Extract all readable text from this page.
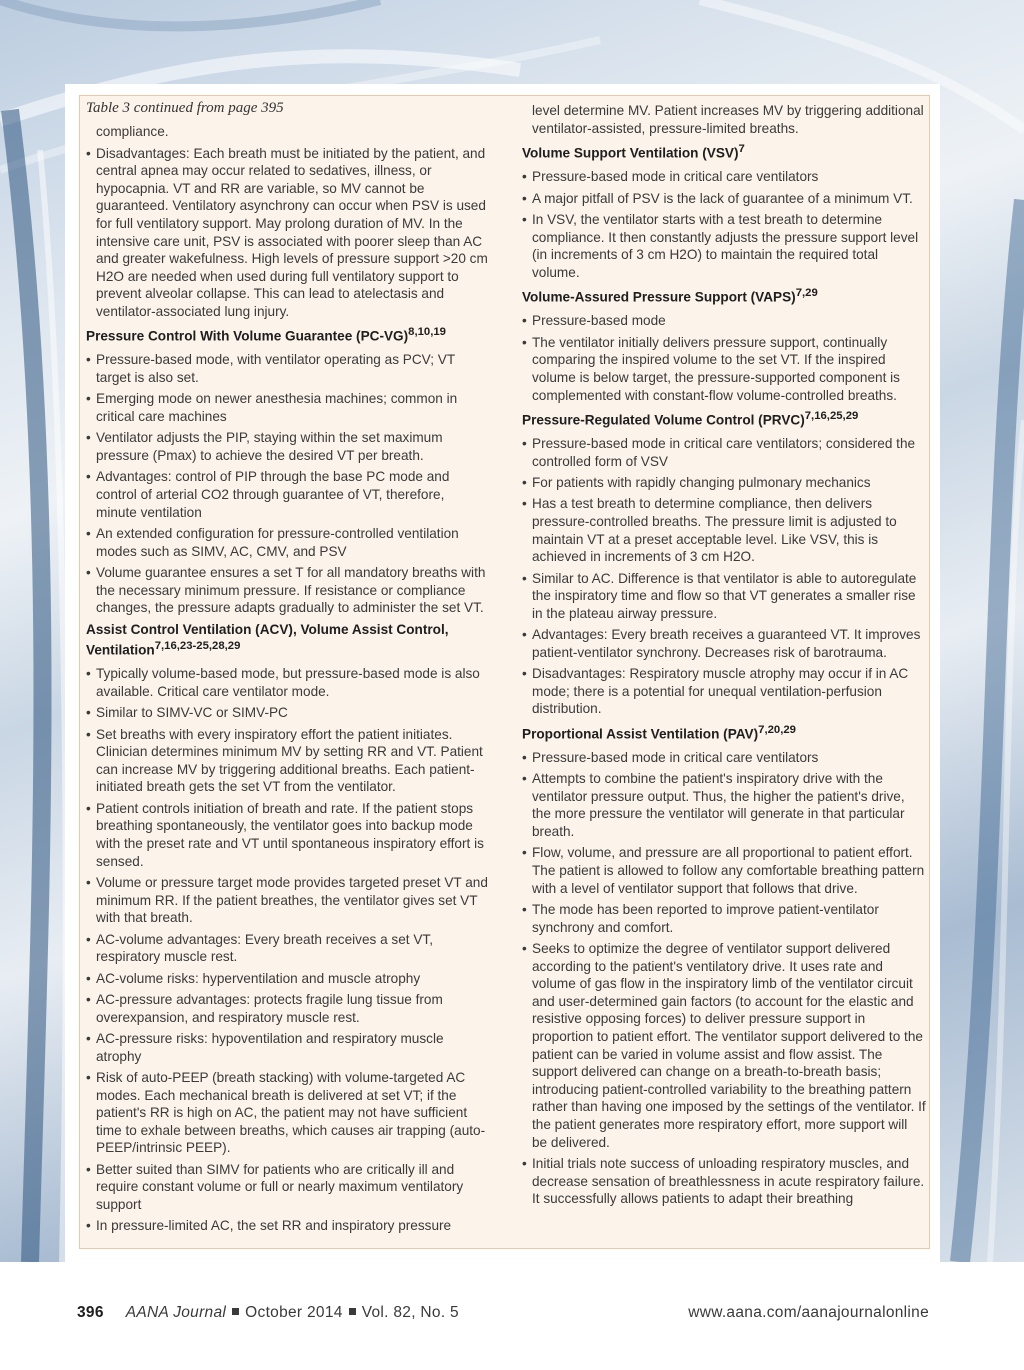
Table 3 continued from page 395
compliance.
• Disadvantages: Each breath must be initiated by the patient, and central apnea may occur related to sedatives, illness, or hypocapnia. VT and RR are variable, so MV cannot be guaranteed. Ventilatory asynchrony can occur when PSV is used for full ventilatory support. May prolong duration of MV. In the intensive care unit, PSV is associated with poorer sleep than AC and greater wakefulness. High levels of pressure support >20 cm H2O are needed when used during full ventilatory support to prevent alveolar collapse. This can lead to atelectasis and ventilator-associated lung injury.
Pressure Control With Volume Guarantee $(PC-VG)^{8,10,19}$
• Pressure-based mode, with ventilator operating as PCV; VT target is also set.
• Emerging mode on newer anesthesia machines; common in critical care machines
• Ventilator adjusts the PIP, staying within the set maximum pressure (Pmax) to achieve the desired VT per breath.
• Advantages: control of PIP through the base PC mode and control of arterial CO2 through guarantee of VT, therefore, minute ventilation
• An extended configuration for pressure-controlled ventilation modes such as SIMV, AC, CMV, and PSV
• Volume guarantee ensures a set T for all mandatory breaths with the necessary minimum pressure. If resistance or compliance changes, the pressure adapts gradually to administer the set VT.
Assist Control Ventilation (ACV), Volume Assist Control, Ventilation$^{7,16,23-25,28,29}$
• Typically volume-based mode, but pressure-based mode is also available. Critical care ventilator mode.
• Similar to SIMV-VC or SIMV-PC
• Set breaths with every inspiratory effort the patient initiates. Clinician determines minimum MV by setting RR and VT. Patient can increase MV by triggering additional breaths. Each patient-initiated breath gets the set VT from the ventilator.
• Patient controls initiation of breath and rate. If the patient stops breathing spontaneously, the ventilator goes into backup mode with the preset rate and VT until spontaneous inspiratory effort is sensed.
• Volume or pressure target mode provides targeted preset VT and minimum RR. If the patient breathes, the ventilator gives set VT with that breath.
• AC-volume advantages: Every breath receives a set VT, respiratory muscle rest.
• AC-volume risks: hyperventilation and muscle atrophy
• AC-pressure advantages: protects fragile lung tissue from overexpansion, and respiratory muscle rest.
• AC-pressure risks: hypoventilation and respiratory muscle atrophy
• Risk of auto-PEEP (breath stacking) with volume-targeted AC modes. Each mechanical breath is delivered at set VT; if the patient's RR is high on AC, the patient may not have sufficient time to exhale between breaths, which causes air trapping (auto-PEEP/intrinsic PEEP).
• Better suited than SIMV for patients who are critically ill and require constant volume or full or nearly maximum ventilatory support
• In pressure-limited AC, the set RR and inspiratory pressure
level determine MV. Patient increases MV by triggering additional ventilator-assisted, pressure-limited breaths.
Volume Support Ventilation (VSV)$^7$
• Pressure-based mode in critical care ventilators
• A major pitfall of PSV is the lack of guarantee of a minimum VT.
• In VSV, the ventilator starts with a test breath to determine compliance. It then constantly adjusts the pressure support level (in increments of 3 cm H2O) to maintain the required total volume.
Volume-Assured Pressure Support (VAPS)$^{7,29}$
• Pressure-based mode
• The ventilator initially delivers pressure support, continually comparing the inspired volume to the set VT. If the inspired volume is below target, the pressure-supported component is complemented with constant-flow volume-controlled breaths.
Pressure-Regulated Volume Control (PRVC)$^{7,16,25,29}$
• Pressure-based mode in critical care ventilators; considered the controlled form of VSV
• For patients with rapidly changing pulmonary mechanics
• Has a test breath to determine compliance, then delivers pressure-controlled breaths. The pressure limit is adjusted to maintain VT at a preset acceptable level. Like VSV, this is achieved in increments of 3 cm H2O.
• Similar to AC. Difference is that ventilator is able to autoregulate the inspiratory time and flow so that VT generates a smaller rise in the plateau airway pressure.
• Advantages: Every breath receives a guaranteed VT. It improves patient-ventilator synchrony. Decreases risk of barotrauma.
• Disadvantages: Respiratory muscle atrophy may occur if in AC mode; there is a potential for unequal ventilation-perfusion distribution.
Proportional Assist Ventilation (PAV)$^{7,20,29}$
• Pressure-based mode in critical care ventilators
• Attempts to combine the patient's inspiratory drive with the ventilator pressure output. Thus, the higher the patient's drive, the more pressure the ventilator will generate in that particular breath.
• Flow, volume, and pressure are all proportional to patient effort. The patient is allowed to follow any comfortable breathing pattern with a level of ventilator support that follows that drive.
• The mode has been reported to improve patient-ventilator synchrony and comfort.
• Seeks to optimize the degree of ventilator support delivered according to the patient's ventilatory drive. It uses rate and volume of gas flow in the inspiratory limb of the ventilator circuit and user-determined gain factors (to account for the elastic and resistive opposing forces) to deliver pressure support in proportion to patient effort. The ventilator support delivered to the patient can be varied in volume assist and flow assist. The support delivered can change on a breath-to-breath basis; introducing patient-controlled variability to the breathing pattern rather than having one imposed by the settings of the ventilator. If the patient generates more respiratory effort, more support will be delivered.
• Initial trials note success of unloading respiratory muscles, and decrease sensation of breathlessness in acute respiratory failure. It successfully allows patients to adapt their breathing
396 AANA Journal October 2014 Vol. 82, No. 5	www.aana.com/aanajournalonline
